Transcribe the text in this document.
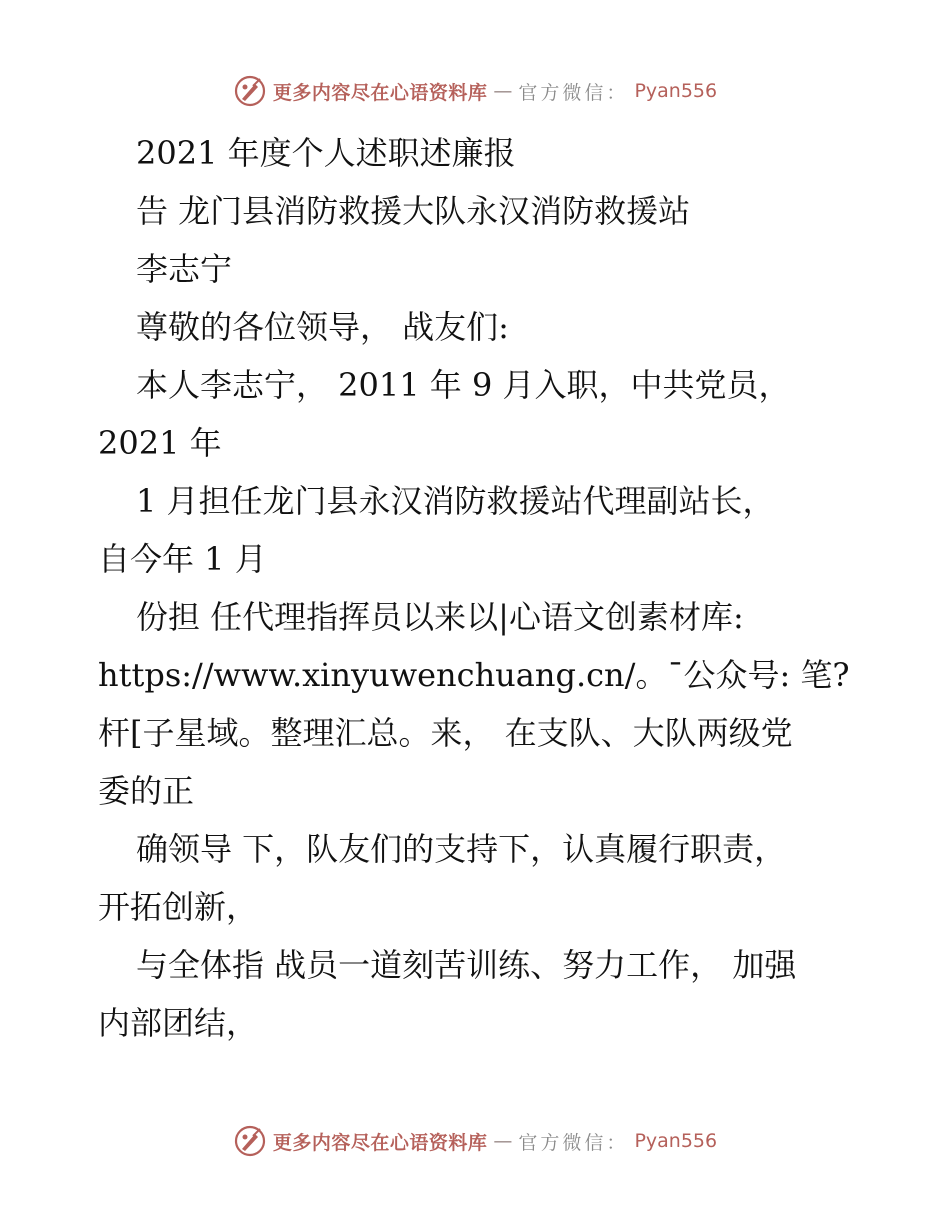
更多内容尽在心语资料库 — 官方微信： Pyan556
2021 年度个人述职述廉报
告 龙门县消防救援大队永汉消防救援站
李志宁
尊敬的各位领导， 战友们:
本人李志宁， 2011 年 9 月入职，中共党员，
2021 年
1 月担任龙门县永汉消防救援站代理副站长，
自今年 1 月
份担 任代理指挥员以来以|心语文创素材库:
https://www.xinyuwenchuang.cn/。¯公众号: 笔?
杆[子星域。整理汇总。来， 在支队、大队两级党
委的正
确领导 下，队友们的支持下，认真履行职责，
开拓创新，
与全体指 战员一道刻苦训练、努力工作， 加强
内部团结，
更多内容尽在心语资料库 — 官方微信： Pyan556
